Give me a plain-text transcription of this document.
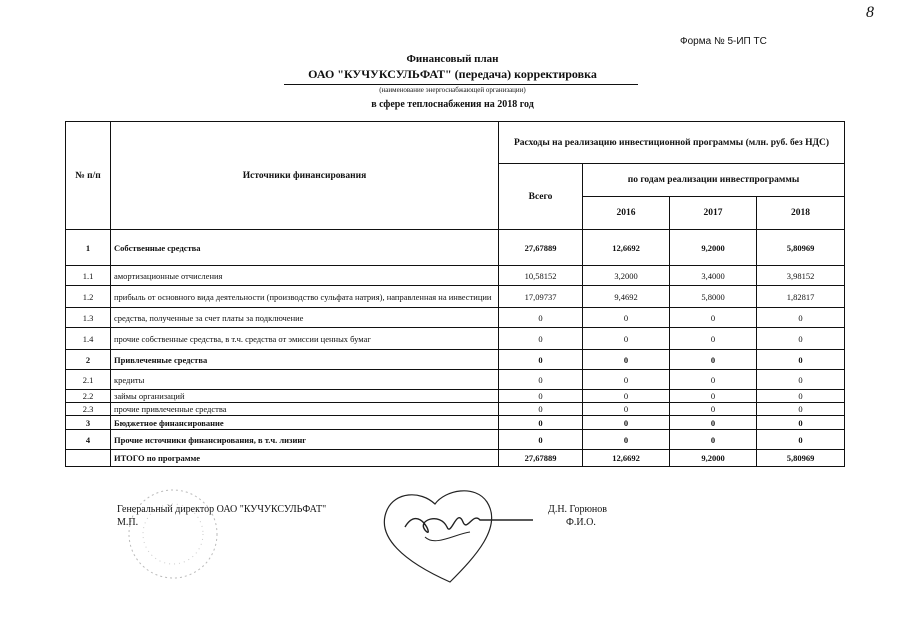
8
Форма № 5-ИП ТС
Финансовый план
ОАО "КУЧУКСУЛЬФАТ" (передача) корректировка
(наименование энергоснабжающей организации)
в сфере теплоснабжения на 2018 год
№ п/п	Источники финансирования	Расходы на реализацию инвестиционной программы (млн. руб. без НДС)			
		Всего	по годам реализации инвестпрограммы		
			2016	2017	2018
1	Собственные средства	27,67889	12,6692	9,2000	5,80969
1.1	амортизационные отчисления	10,58152	3,2000	3,4000	3,98152
1.2	прибыль от основного вида деятельности (производство сульфата натрия), направленная на инвестиции	17,09737	9,4692	5,8000	1,82817
1.3	средства, полученные за счет платы за подключение	0	0	0	0
1.4	прочие собственные средства, в т.ч. средства от эмиссии ценных бумаг	0	0	0	0
2	Привлеченные средства	0	0	0	0
2.1	кредиты	0	0	0	0
2.2	займы организаций	0	0	0	0
2.3	прочие привлеченные средства	0	0	0	0
3	Бюджетное финансирование	0	0	0	0
4	Прочие источники финансирования, в т.ч. лизинг	0	0	0	0
	ИТОГО по программе	27,67889	12,6692	9,2000	5,80969
Генеральный директор ОАО "КУЧУКСУЛЬФАТ"
М.П.
Д.Н. Горюнов
Ф.И.О.
